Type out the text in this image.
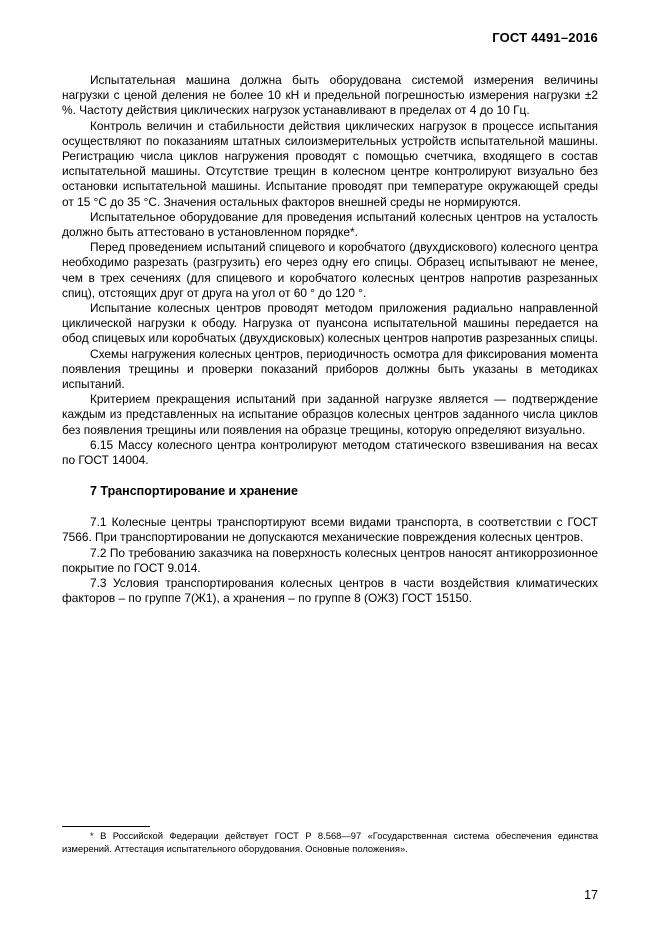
ГОСТ 4491–2016

Испытательная машина должна быть оборудована системой измерения величины нагрузки с ценой деления не более 10 кН и предельной погрешностью измерения нагрузки ±2 %. Частоту действия циклических нагрузок устанавливают в пределах от 4 до 10 Гц.

Контроль величин и стабильности действия циклических нагрузок в процессе испытания осуществляют по показаниям штатных силоизмерительных устройств испытательной машины. Регистрацию числа циклов нагружения проводят с помощью счетчика, входящего в состав испытательной машины. Отсутствие трещин в колесном центре контролируют визуально без остановки испытательной машины. Испытание проводят при температуре окружающей среды от 15 °С до 35 °С. Значения остальных факторов внешней среды не нормируются.

Испытательное оборудование для проведения испытаний колесных центров на усталость должно быть аттестовано в установленном порядке*.

Перед проведением испытаний спицевого и коробчатого (двухдискового) колесного центра необходимо разрезать (разгрузить) его через одну его спицы. Образец испытывают не менее, чем в трех сечениях (для спицевого и коробчатого колесных центров напротив разрезанных спиц), отстоящих друг от друга на угол от 60 ° до 120 °.

Испытание колесных центров проводят методом приложения радиально направленной циклической нагрузки к ободу. Нагрузка от пуансона испытательной машины передается на обод спицевых или коробчатых (двухдисковых) колесных центров напротив разрезанных спицы.

Схемы нагружения колесных центров, периодичность осмотра для фиксирования момента появления трещины и проверки показаний приборов должны быть указаны в методиках испытаний.

Критерием прекращения испытаний при заданной нагрузке является — подтверждение каждым из представленных на испытание образцов колесных центров заданного числа циклов без появления трещины или появления на образце трещины, которую определяют визуально.

6.15 Массу колесного центра контролируют методом статического взвешивания на весах по ГОСТ 14004.

7 Транспортирование и хранение

7.1 Колесные центры транспортируют всеми видами транспорта, в соответствии с ГОСТ 7566. При транспортировании не допускаются механические повреждения колесных центров.

7.2 По требованию заказчика на поверхность колесных центров наносят антикоррозионное покрытие по ГОСТ 9.014.

7.3 Условия транспортирования колесных центров в части воздействия климатических факторов – по группе 7(Ж1), а хранения – по группе 8 (ОЖ3) ГОСТ 15150.

* В Российской Федерации действует ГОСТ Р 8.568—97 «Государственная система обеспечения единства измерений. Аттестация испытательного оборудования. Основные положения».

17
